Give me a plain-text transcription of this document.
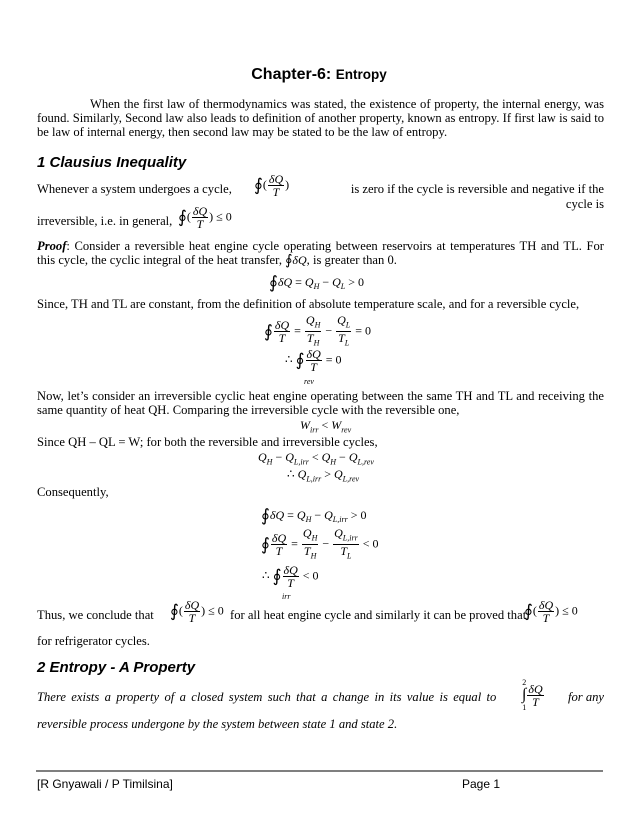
Chapter-6: Entropy
When the first law of thermodynamics was stated, the existence of property, the internal energy, was found. Similarly, Second law also leads to definition of another property, known as entropy. If first law is said to be law of internal energy, then second law may be stated to be the law of entropy.
1 Clausius Inequality
Whenever a system undergoes a cycle, ∮( $\frac{\delta Q}{T}$ )	is zero if the cycle is reversible and negative if the cycle is
irreversible, i.e. in general, ∮( $\frac{\delta Q}{T}$ ) ≤ 0
Proof: Consider a reversible heat engine cycle operating between reservoirs at temperatures TH and TL. For this cycle, the cyclic integral of the heat transfer, ∮δQ, is greater than 0.
∮δQ = $Q_H - Q_L > 0$
Since, TH and TL are constant, from the definition of absolute temperature scale, and for a reversible cycle,
∮ $\frac{\delta Q}{T} = \frac{Q_H}{T_H} - \frac{Q_L}{T_L} = 0$
∴ ∮ $\frac{\delta Q}{T} = 0$
rev
Now, let’s consider an irreversible cyclic heat engine operating between the same TH and TL and receiving the same quantity of heat QH. Comparing the irreversible cycle with the reversible one,
$W_{irr} < W_{rev}$
Since QH – QL = W; for both the reversible and irreversible cycles,
$Q_H - Q_{L,irr} < Q_H - Q_{L,rev}$
∴ $Q_{L,irr} > Q_{L,rev}$
Consequently,
∮δQ = $Q_H - Q_{L,irr} > 0$
∮ $\frac{\delta Q}{T} = \frac{Q_H}{T_H}$ −
$Q_{L,irr}$
$T_L$
< 0
∴ ∮ $\frac{\delta Q}{T} < 0$
irr
Thus, we conclude that ∮( $\frac{\delta Q}{T}$ ) ≤ 0 for all heat engine cycle and similarly it can be proved that
∮( $\frac{\delta Q}{T}$ ) ≤ 0
for refrigerator cycles.
2 Entropy - A Property
There exists a property of a closed system such that a change in its value is equal to
2
∫
$1 \frac{\delta Q}{T}$	for any
reversible process undergone by the system between state 1 and state 2.
[R Gnyawali / P Timilsina]	Page 1
